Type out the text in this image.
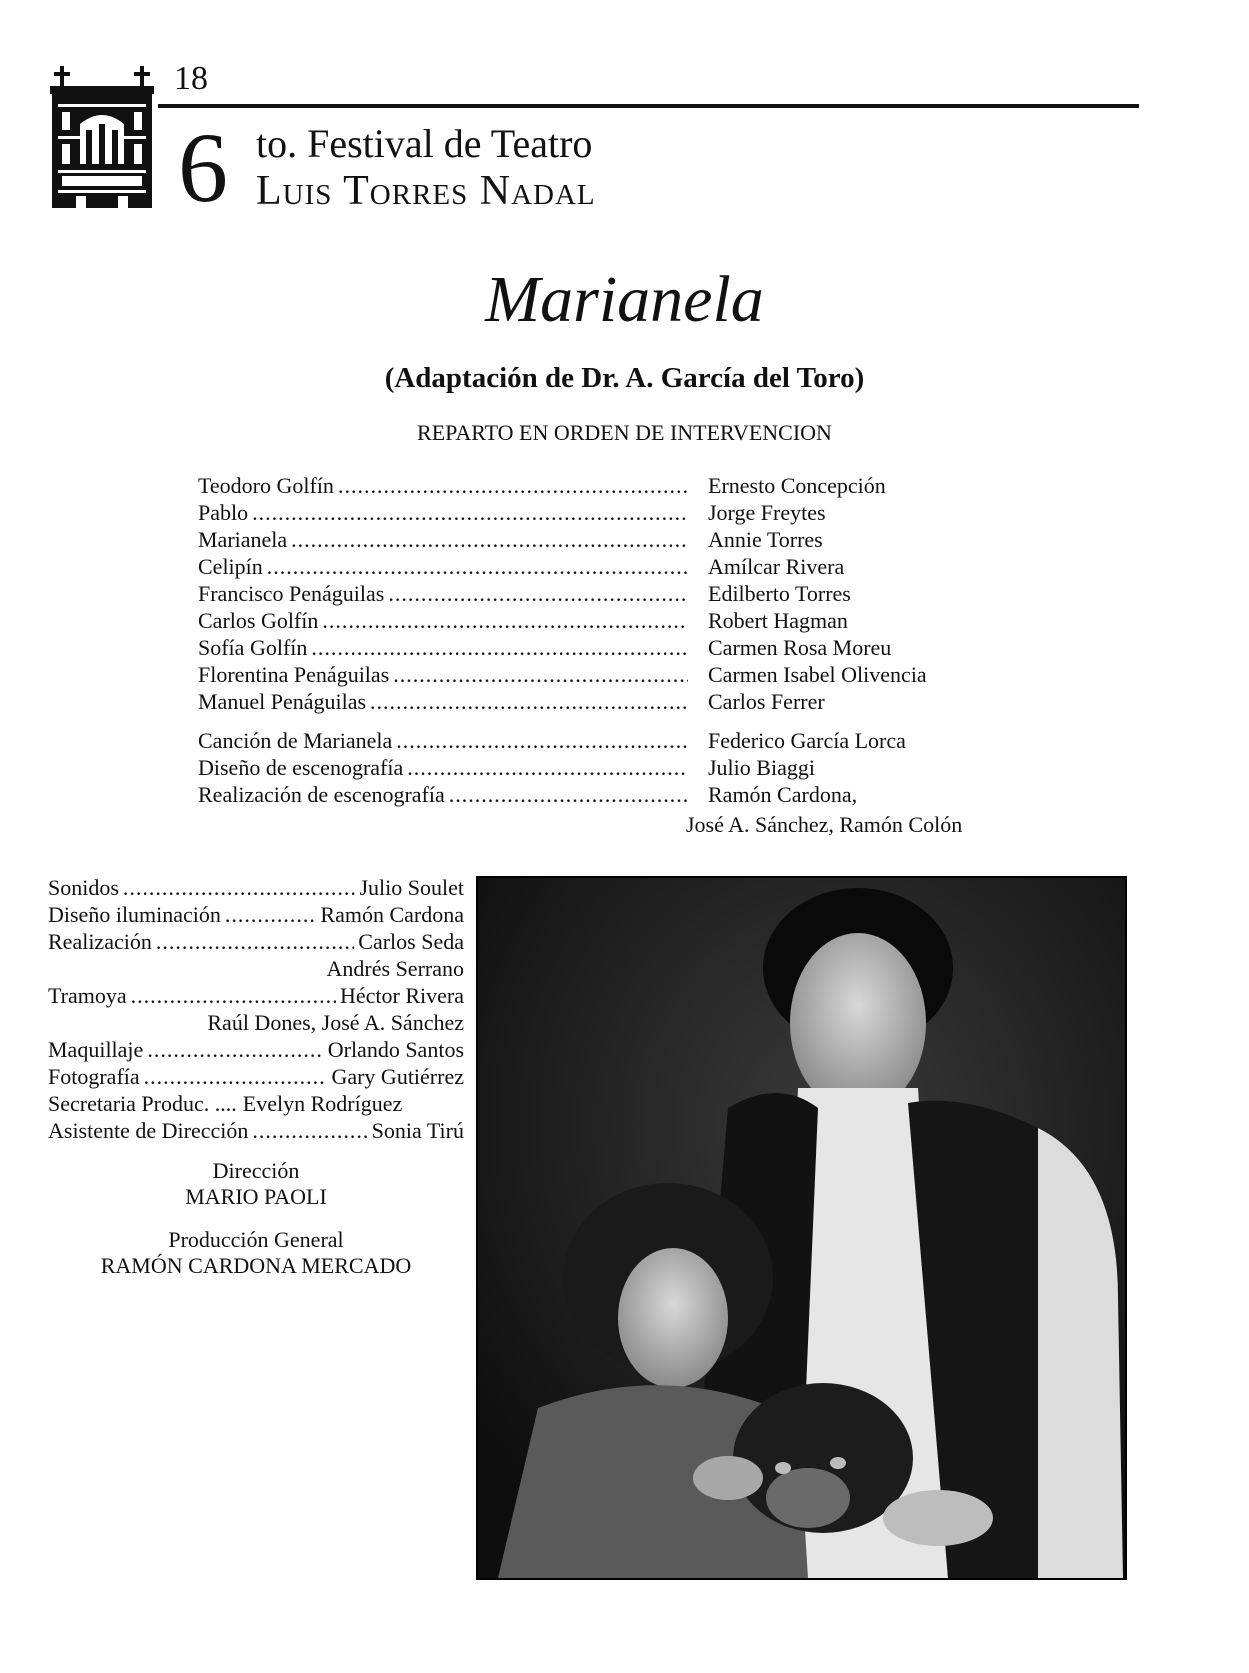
18
6 to. Festival de Teatro
Luis Torres Nadal
Marianela
(Adaptación de Dr. A. García del Toro)
REPARTO EN ORDEN DE INTERVENCION
Teodoro Golfín .....	Ernesto Concepción
Pablo .....	Jorge Freytes
Marianela .....	Annie Torres
Celipín .....	Amílcar Rivera
Francisco Penáguilas .....	Edilberto Torres
Carlos Golfín .....	Robert Hagman
Sofía Golfín .....	Carmen Rosa Moreu
Florentina Penáguilas .....	Carmen Isabel Olivencia
Manuel Penáguilas .....	Carlos Ferrer
Canción de Marianela .....	Federico García Lorca
Diseño de escenografía .....	Julio Biaggi
Realización de escenografía .....	Ramón Cardona,
José A. Sánchez, Ramón Colón
Sonidos .....	Julio Soulet
Diseño iluminación .....	Ramón Cardona
Realización .....	Carlos Seda
Andrés Serrano
Tramoya .....	Héctor Rivera
Raúl Dones, José A. Sánchez
Maquillaje .....	Orlando Santos
Fotografía .....	Gary Gutiérrez
Secretaria Produc. .... Evelyn Rodríguez
Asistente de Dirección .....	Sonia Tirú
Dirección
MARIO PAOLI
Producción General
RAMÓN CARDONA MERCADO
